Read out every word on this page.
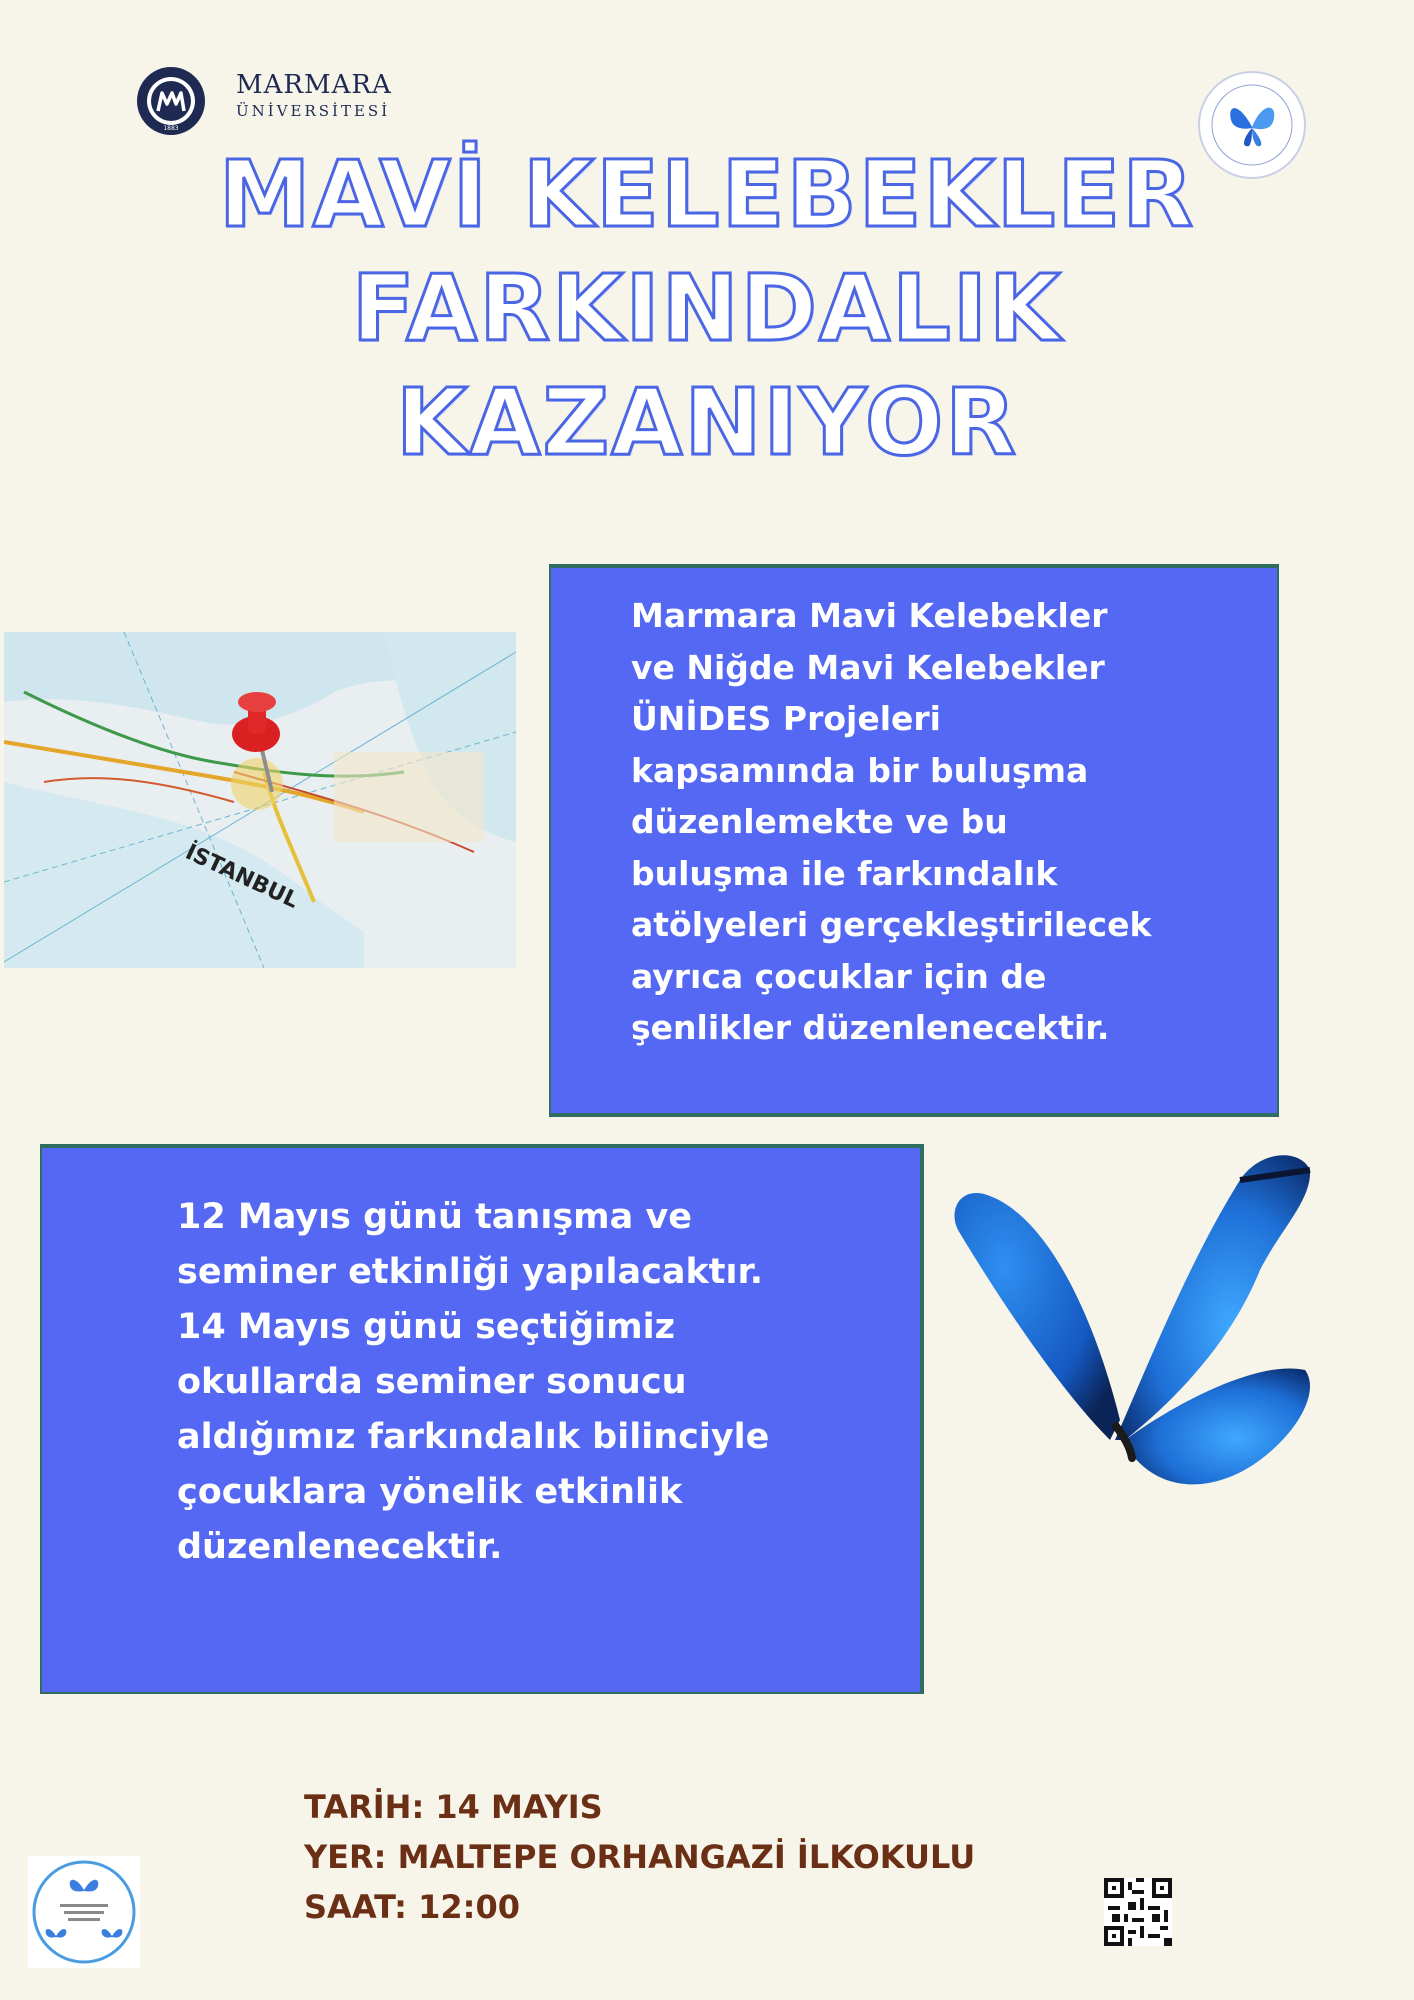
1883
MARMARA
ÜNİVERSİTESİ
MAVİ KELEBEKLER
FARKINDALIK
KAZANIYOR
İSTANBUL
Marmara Mavi Kelebekler
ve Niğde Mavi Kelebekler
ÜNİDES Projeleri
kapsamında bir buluşma
düzenlemekte ve bu
buluşma ile farkındalık
atölyeleri gerçekleştirilecek
ayrıca çocuklar için de
şenlikler düzenlenecektir.
12 Mayıs günü tanışma ve
seminer etkinliği yapılacaktır.
14 Mayıs günü seçtiğimiz
okullarda seminer sonucu
aldığımız farkındalık bilinciyle
çocuklara yönelik etkinlik
düzenlenecektir.
TARİH: 14 MAYIS
YER: MALTEPE ORHANGAZİ İLKOKULU
SAAT: 12:00
